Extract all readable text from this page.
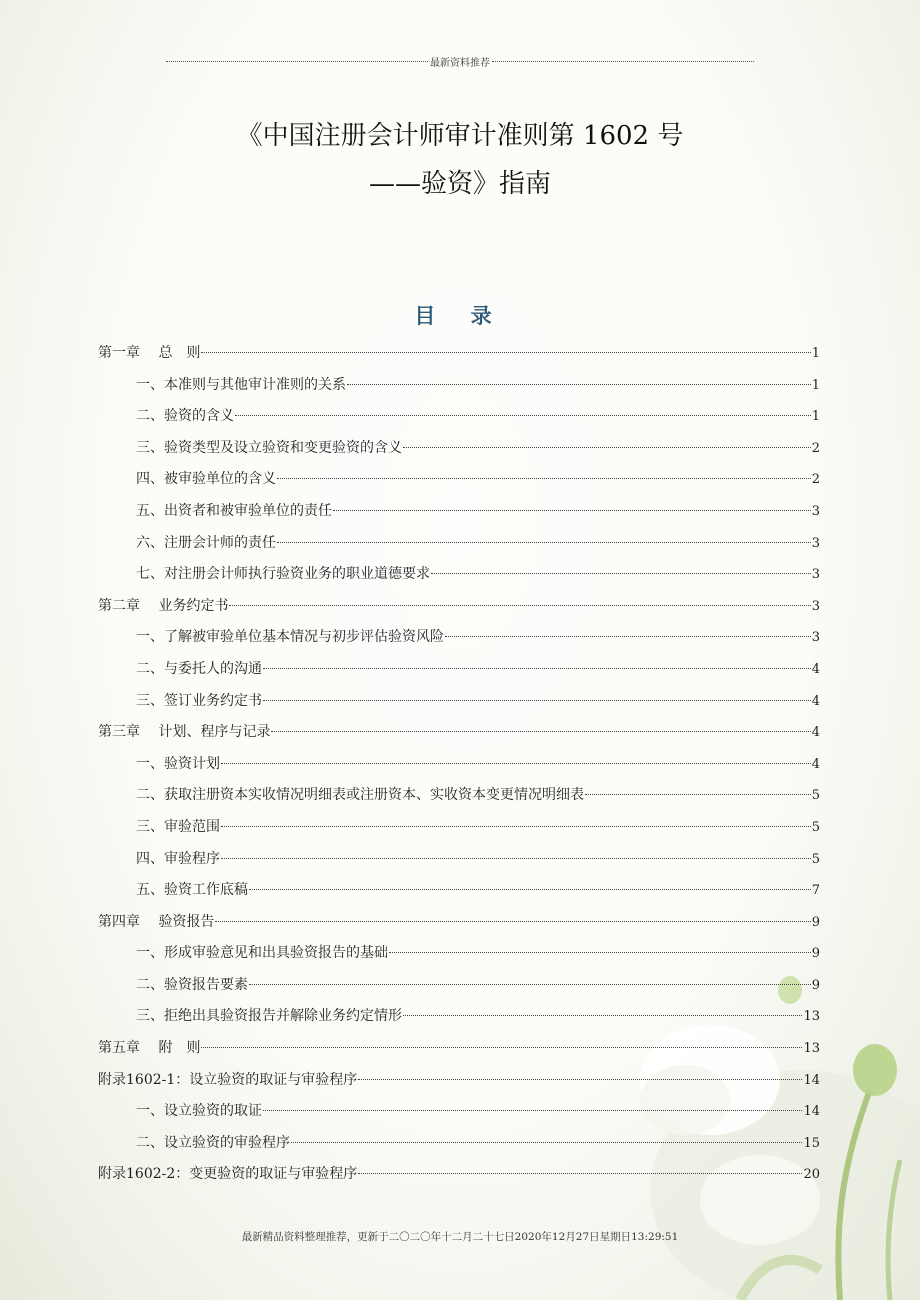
最新资料推荐
《中国注册会计师审计准则第 1602 号
——验资》指南
目 录
第一章　 总　则	1
一、本准则与其他审计准则的关系	1
二、验资的含义	1
三、验资类型及设立验资和变更验资的含义	2
四、被审验单位的含义	2
五、出资者和被审验单位的责任	3
六、注册会计师的责任	3
七、对注册会计师执行验资业务的职业道德要求	3
第二章　 业务约定书	3
一、了解被审验单位基本情况与初步评估验资风险	3
二、与委托人的沟通	4
三、签订业务约定书	4
第三章　 计划、程序与记录	4
一、验资计划	4
二、获取注册资本实收情况明细表或注册资本、实收资本变更情况明细表	5
三、审验范围	5
四、审验程序	5
五、验资工作底稿	7
第四章　 验资报告	9
一、形成审验意见和出具验资报告的基础	9
二、验资报告要素	9
三、拒绝出具验资报告并解除业务约定情形	13
第五章　 附　则	13
附录1602-1：设立验资的取证与审验程序	14
一、设立验资的取证	14
二、设立验资的审验程序	15
附录1602-2：变更验资的取证与审验程序	20
最新精品资料整理推荐，更新于二〇二〇年十二月二十七日2020年12月27日星期日13:29:51
